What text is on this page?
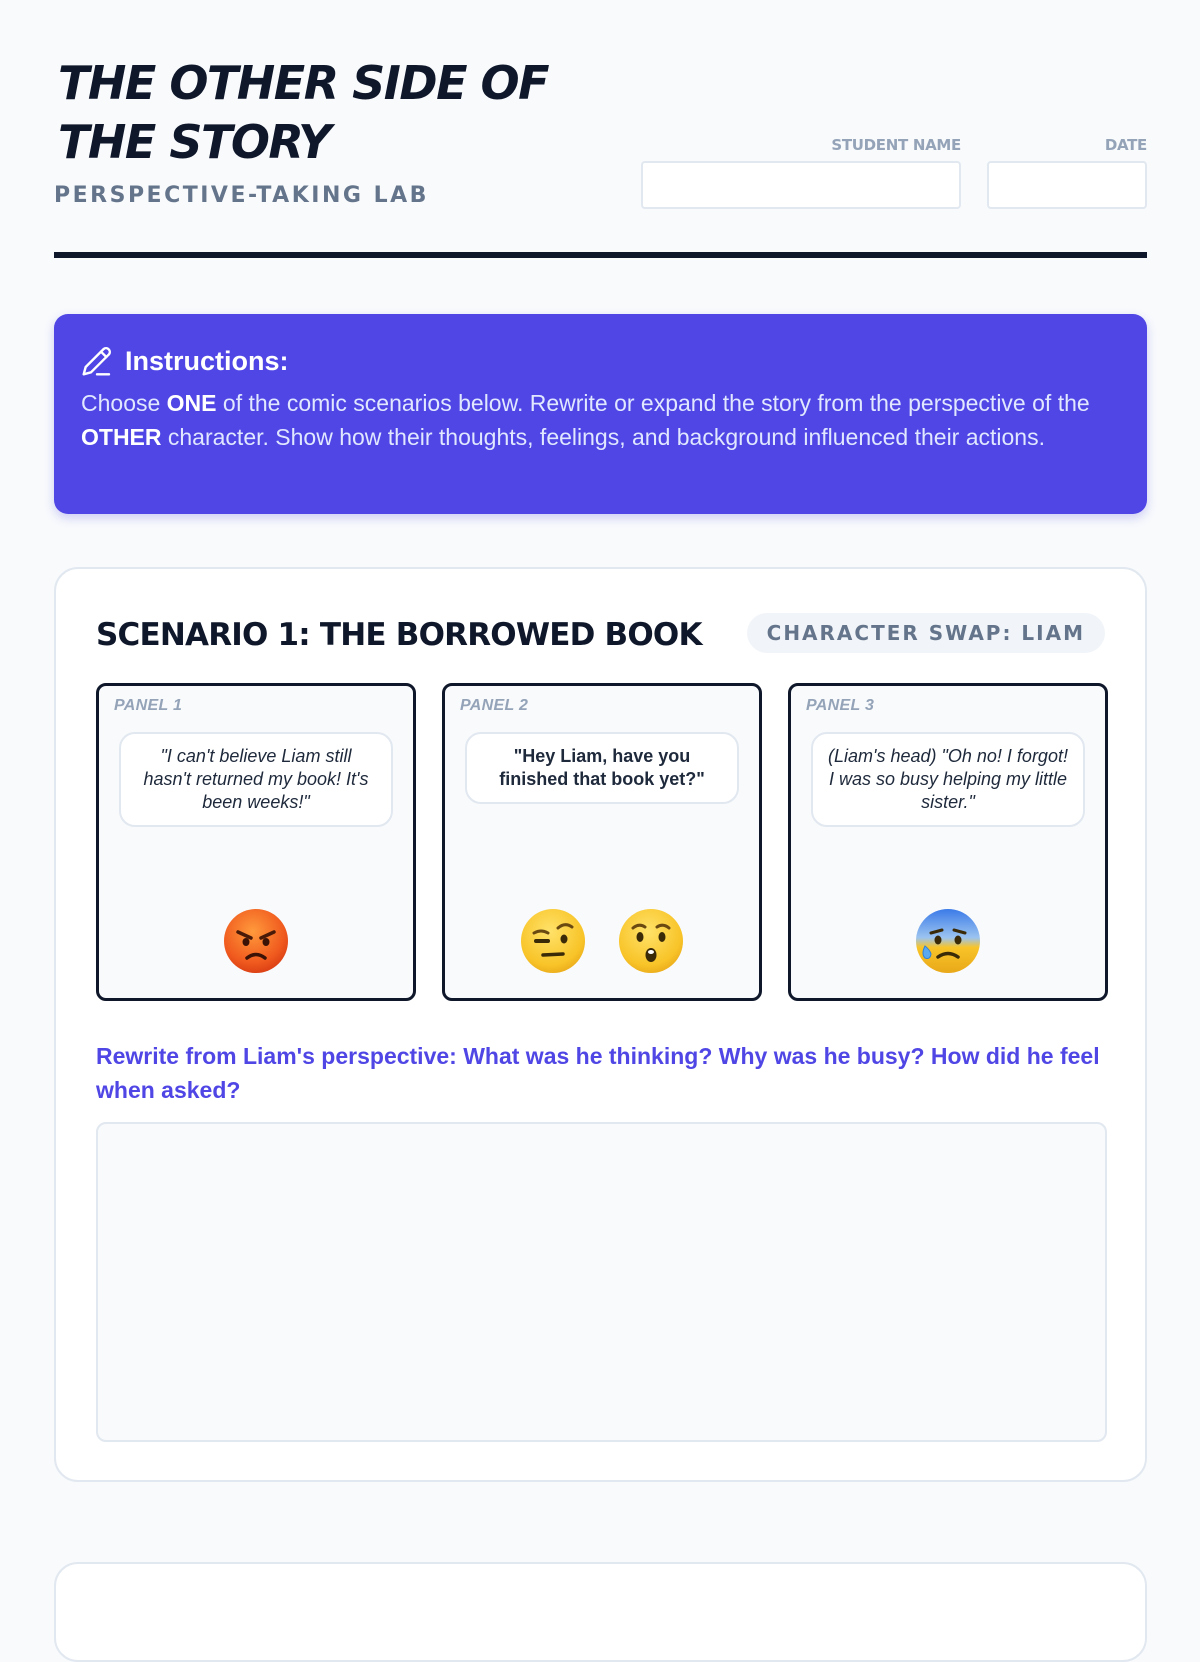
THE OTHER SIDE OF THE STORY
PERSPECTIVE-TAKING LAB
STUDENT NAME	DATE
Instructions:
Choose ONE of the comic scenarios below. Rewrite or expand the story from the perspective of the OTHER character. Show how their thoughts, feelings, and background influenced their actions.
SCENARIO 1: THE BORROWED BOOK	CHARACTER SWAP: LIAM
PANEL 1
"I can't believe Liam still hasn't returned my book! It's been weeks!"
PANEL 2
"Hey Liam, have you finished that book yet?"
PANEL 3
(Liam's head) "Oh no! I forgot! I was so busy helping my little sister."
Rewrite from Liam's perspective: What was he thinking? Why was he busy? How did he feel when asked?
